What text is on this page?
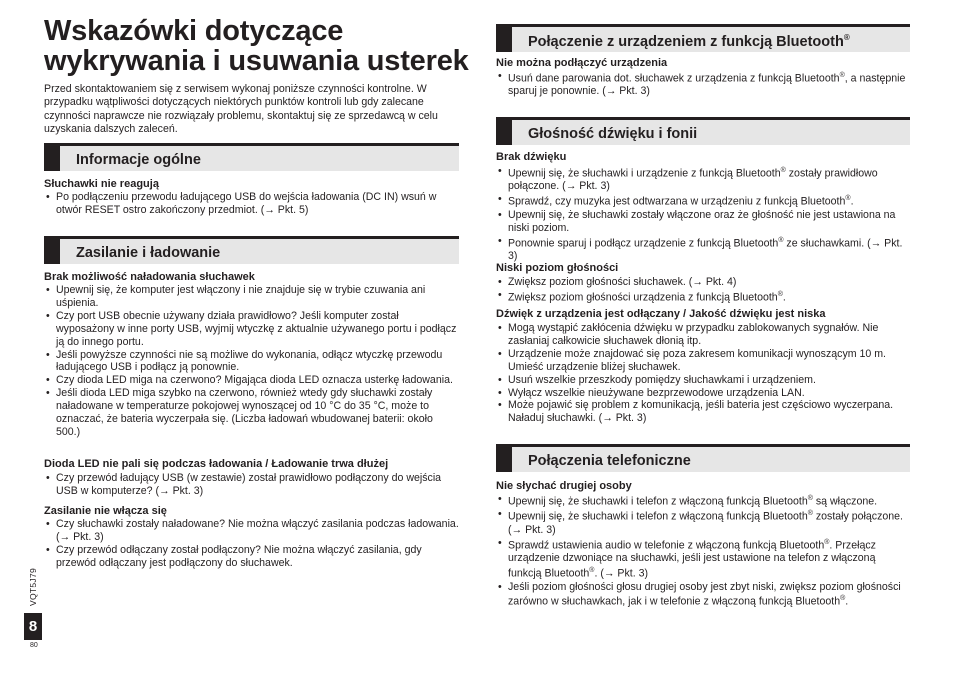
Wskazówki dotyczące
wykrywania i usuwania usterek

Przed skontaktowaniem się z serwisem wykonaj poniższe czynności kontrolne. W przypadku wątpliwości dotyczących niektórych punktów kontroli lub gdy zalecane czynności naprawcze nie rozwiązały problemu, skontaktuj się ze sprzedawcą w celu uzyskania dalszych zaleceń.

Informacje ogólne

Słuchawki nie reagują

• Po podłączeniu przewodu ładującego USB do wejścia ładowania (DC IN) wsuń w otwór RESET ostro zakończony przedmiot. (→ Pkt. 5)
Zasilanie i ładowanie

Brak możliwość naładowania słuchawek

• Upewnij się, że komputer jest włączony i nie znajduje się w trybie czuwania ani uśpienia.
• Czy port USB obecnie używany działa prawidłowo? Jeśli komputer został wyposażony w inne porty USB, wyjmij wtyczkę z aktualnie używanego portu i podłącz ją do innego portu.
• Jeśli powyższe czynności nie są możliwe do wykonania, odłącz wtyczkę przewodu ładującego USB i podłącz ją ponownie.
• Czy dioda LED miga na czerwono? Migająca dioda LED oznacza usterkę ładowania.
• Jeśli dioda LED miga szybko na czerwono, również wtedy gdy słuchawki zostały naładowane w temperaturze pokojowej wynoszącej od 10 °C do 35 °C, może to oznaczać, że bateria wyczerpała się. (Liczba ładowań wbudowanej baterii: około 500.)

Dioda LED nie pali się podczas ładowania / Ładowanie trwa dłużej

• Czy przewód ładujący USB (w zestawie) został prawidłowo podłączony do wejścia USB w komputerze? (→ Pkt. 3)

Zasilanie nie włącza się

• Czy słuchawki zostały naładowane? Nie można włączyć zasilania podczas ładowania. (→ Pkt. 3)
• Czy przewód odłączany został podłączony? Nie można włączyć zasilania, gdy przewód odłączany jest podłączony do słuchawek.
Połączenie z urządzeniem z funkcją Bluetooth®

Nie można podłączyć urządzenia

• Usuń dane parowania dot. słuchawek z urządzenia z funkcją Bluetooth®, a następnie sparuj je ponownie. (→ Pkt. 3)
Głośność dźwięku i fonii

Brak dźwięku

• Upewnij się, że słuchawki i urządzenie z funkcją Bluetooth® zostały prawidłowo połączone. (→ Pkt. 3)
• Sprawdź, czy muzyka jest odtwarzana w urządzeniu z funkcją Bluetooth®.
• Upewnij się, że słuchawki zostały włączone oraz że głośność nie jest ustawiona na niski poziom.
• Ponownie sparuj i podłącz urządzenie z funkcją Bluetooth® ze słuchawkami. (→ Pkt. 3)

Niski poziom głośności

• Zwiększ poziom głośności słuchawek. (→ Pkt. 4)
• Zwiększ poziom głośności urządzenia z funkcją Bluetooth®.

Dźwięk z urządzenia jest odłączany / Jakość dźwięku jest niska

• Mogą wystąpić zakłócenia dźwięku w przypadku zablokowanych sygnałów. Nie zasłaniaj całkowicie słuchawek dłonią itp.
• Urządzenie może znajdować się poza zakresem komunikacji wynoszącym 10 m. Umieść urządzenie bliżej słuchawek.
• Usuń wszelkie przeszkody pomiędzy słuchawkami i urządzeniem.
• Wyłącz wszelkie nieużywane bezprzewodowe urządzenia LAN.
• Może pojawić się problem z komunikacją, jeśli bateria jest częściowo wyczerpana. Naładuj słuchawki. (→ Pkt. 3)
Połączenia telefoniczne

Nie słychać drugiej osoby

• Upewnij się, że słuchawki i telefon z włączoną funkcją Bluetooth® są włączone.
• Upewnij się, że słuchawki i telefon z włączoną funkcją Bluetooth® zostały połączone. (→ Pkt. 3)
• Sprawdź ustawienia audio w telefonie z włączoną funkcją Bluetooth®. Przełącz urządzenie dzwoniące na słuchawki, jeśli jest ustawione na telefon z włączoną funkcją Bluetooth®. (→ Pkt. 3)
• Jeśli poziom głośności głosu drugiej osoby jest zbyt niski, zwiększ poziom głośności zarówno w słuchawkach, jak i w telefonie z włączoną funkcją Bluetooth®.
VQT5J79
8
80
